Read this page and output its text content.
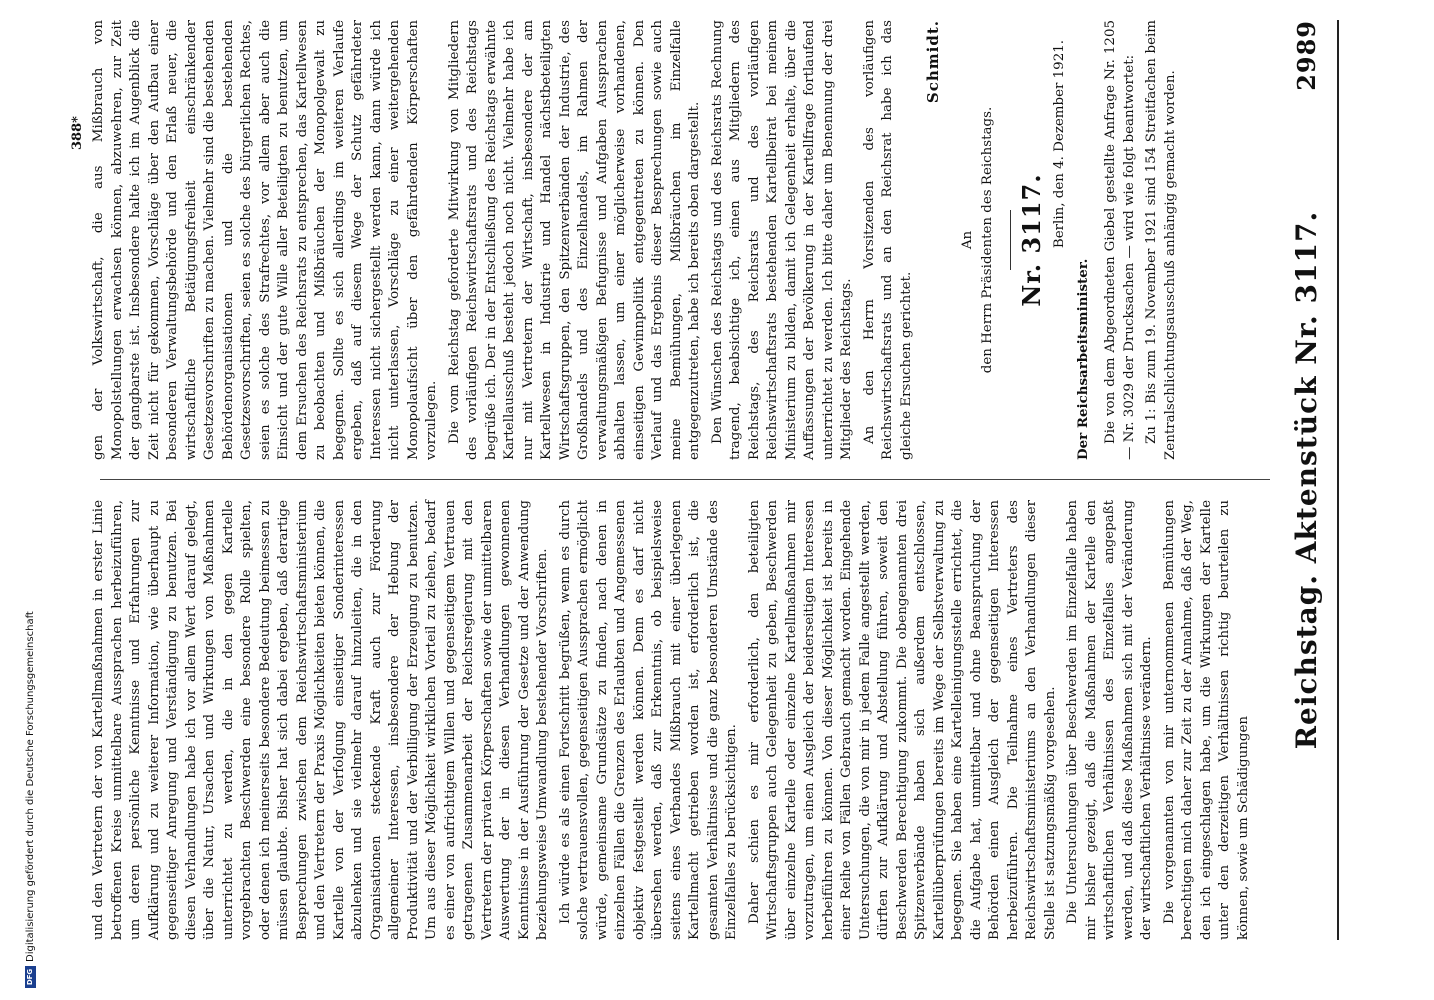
DFGDigitalisierung gefördert durch die Deutsche Forschungsgemeinschaft
Reichstag. Aktenstück Nr. 3117.
2989

und den Vertretern der von Kartellmaßnahmen in erster Linie betroffenen Kreise unmittelbare Aussprachen herbeizuführen, um deren persönliche Kenntnisse und Erfahrungen zur Aufklärung und zu weiterer Information, wie überhaupt zu gegenseitiger Anregung und Verständigung zu benutzen. Bei diesen Verhandlungen habe ich vor allem Wert darauf gelegt, über die Natur, Ursachen und Wirkungen von Maßnahmen unterrichtet zu werden, die in den gegen Kartelle vorgebrachten Beschwerden eine besondere Rolle spielten, oder denen ich meinerseits besondere Bedeutung beimessen zu müssen glaubte. Bisher hat sich dabei ergeben, daß derartige Besprechungen zwischen dem Reichswirtschaftsministerium und den Vertretern der Praxis Möglichkeiten bieten können, die Kartelle von der Verfolgung einseitiger Sonderinteressen abzulenken und sie vielmehr darauf hinzuleiten, die in den Organisationen steckende Kraft auch zur Förderung allgemeiner Interessen, insbesondere der Hebung der Produktivität und der Verbilligung der Erzeugung zu benutzen. Um aus dieser Möglichkeit wirklichen Vorteil zu ziehen, bedarf es einer von aufrichtigem Willen und gegenseitigem Vertrauen getragenen Zusammenarbeit der Reichsregierung mit den Vertretern der privaten Körperschaften sowie der unmittelbaren Auswertung der in diesen Verhandlungen gewonnenen Kenntnisse in der Ausführung der Gesetze und der Anwendung beziehungsweise Umwandlung bestehender Vorschriften. Ich würde es als einen Fortschritt begrüßen, wenn es durch solche vertrauensvollen, gegenseitigen Aussprachen ermöglicht würde, gemeinsame Grundsätze zu finden, nach denen in einzelnen Fällen die Grenzen des Erlaubten und Angemessenen objektiv festgestellt werden können. Denn es darf nicht übersehen werden, daß zur Erkenntnis, ob beispielsweise seitens eines Verbandes Mißbrauch mit einer überlegenen Kartellmacht getrieben worden ist, erforderlich ist, die gesamten Verhältnisse und die ganz besonderen Umstände des Einzelfalles zu berücksichtigen. Daher schien es mir erforderlich, den beteiligten Wirtschaftsgruppen auch Gelegenheit zu geben, Beschwerden über einzelne Kartelle oder einzelne Kartellmaßnahmen mir vorzutragen, um einen Ausgleich der beiderseitigen Interessen herbeiführen zu können. Von dieser Möglichkeit ist bereits in einer Reihe von Fällen Gebrauch gemacht worden. Eingehende Untersuchungen, die von mir in jedem Falle angestellt werden, dürften zur Aufklärung und Abstellung führen, soweit den Beschwerden Berechtigung zukommt. Die obengenannten drei Spitzenverbände haben sich außerdem entschlossen, Kartellüberprüfungen bereits im Wege der Selbstverwaltung zu begegnen. Sie haben eine Kartelleinigungsstelle errichtet, die die Aufgabe hat, unmittelbar und ohne Beanspruchung der Behörden einen Ausgleich der gegenseitigen Interessen herbeizuführen. Die Teilnahme eines Vertreters des Reichswirtschaftsministeriums an den Verhandlungen dieser Stelle ist satzungsmäßig vorgesehen. Die Untersuchungen über Beschwerden im Einzelfalle haben mir bisher gezeigt, daß die Maßnahmen der Kartelle den wirtschaftlichen Verhältnissen des Einzelfalles angepaßt werden, und daß diese Maßnahmen sich mit der Veränderung der wirtschaftlichen Verhältnisse verändern. Die vorgenannten von mir unternommenen Bemühungen berechtigen mich daher zur Zeit zu der Annahme, daß der Weg, den ich eingeschlagen habe, um die Wirkungen der Kartelle unter den derzeitigen Verhältnissen richtig beurteilen zu können, sowie um Schädigungen

gen der Volkswirtschaft, die aus Mißbrauch von Monopolstellungen erwachsen können, abzuwehren, zur Zeit der gangbarste ist. Insbesondere halte ich im Augenblick die Zeit nicht für gekommen, Vorschläge über den Aufbau einer besonderen Verwaltungsbehörde und den Erlaß neuer, die wirtschaftliche Betätigungsfreiheit einschränkender Gesetzesvorschriften zu machen. Vielmehr sind die bestehenden Behördenorganisationen und die bestehenden Gesetzesvorschriften, seien es solche des bürgerlichen Rechtes, seien es solche des Strafrechtes, vor allem aber auch die Einsicht und der gute Wille aller Beteiligten zu benutzen, um dem Ersuchen des Reichsrats zu entsprechen, das Kartellwesen zu beobachten und Mißbräuchen der Monopolgewalt zu begegnen. Sollte es sich allerdings im weiteren Verlaufe ergeben, daß auf diesem Wege der Schutz gefährdeter Interessen nicht sichergestellt werden kann, dann würde ich nicht unterlassen, Vorschläge zu einer weitergehenden Monopolaufsicht über den gefährdenden Körperschaften vorzulegen. Die vom Reichstag geforderte Mitwirkung von Mitgliedern des vorläufigen Reichswirtschaftsrats und des Reichstags begrüße ich. Der in der Entschließung des Reichstags erwähnte Kartellausschuß besteht jedoch noch nicht. Vielmehr habe ich nur mit Vertretern der Wirtschaft, insbesondere der am Kartellwesen in Industrie und Handel nächstbeteiligten Wirtschaftsgruppen, den Spitzenverbänden der Industrie, des Großhandels und des Einzelhandels, im Rahmen der verwaltungsmäßigen Befugnisse und Aufgaben Aussprachen abhalten lassen, um einer möglicherweise vorhandenen, einseitigen Gewinnpolitik entgegentreten zu können. Den Verlauf und das Ergebnis dieser Besprechungen sowie auch meine Bemühungen, Mißbräuchen im Einzelfalle entgegenzutreten, habe ich bereits oben dargestellt. Den Wünschen des Reichstags und des Reichsrats Rechnung tragend, beabsichtige ich, einen aus Mitgliedern des Reichstags, des Reichsrats und des vorläufigen Reichswirtschaftsrats bestehenden Kartellbeirat bei meinem Ministerium zu bilden, damit ich Gelegenheit erhalte, über die Auffassungen der Bevölkerung in der Kartellfrage fortlaufend unterrichtet zu werden. Ich bitte daher um Benennung der drei Mitglieder des Reichstags. An den Herrn Vorsitzenden des vorläufigen Reichswirtschaftsrats und an den Reichsrat habe ich das gleiche Ersuchen gerichtet.

Schmidt.
An den Herrn Präsidenten des Reichstags. Nr. 3117. Berlin, den 4. Dezember 1921.
Der Reichsarbeitsminister. Die von dem Abgeordneten Giebel gestellte Anfrage Nr. 1205 — Nr. 3029 der Drucksachen — wird wie folgt beantwortet: Zu 1: Bis zum 19. November 1921 sind 154 Streitfachen beim Zentralschlichtungsausschuß anhängig gemacht worden.

388*
